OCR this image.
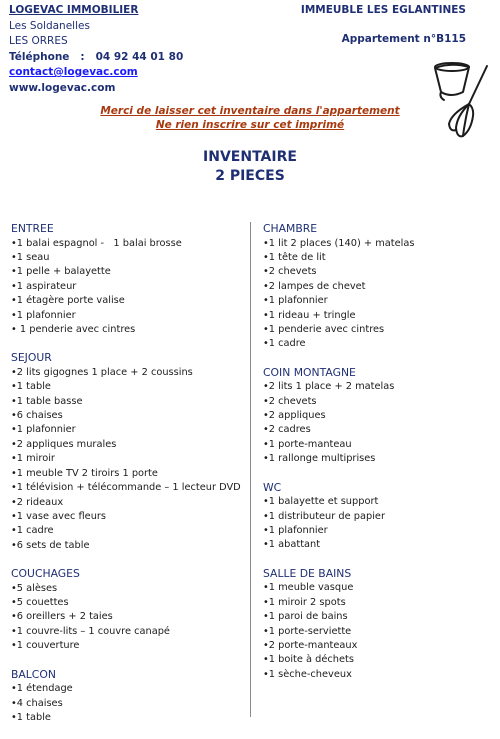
LOGEVAC IMMOBILIER
Les Soldanelles
LES ORRES
Téléphone   :   04 92 44 01 80
contact@logevac.com
www.logevac.com
IMMEUBLE LES EGLANTINES
Appartement n°B115
Merci de laisser cet inventaire dans l'appartement
Ne rien inscrire sur cet imprimé
INVENTAIRE
2 PIECES
ENTREE
•1 balai espagnol -   1 balai brosse
•1 seau
•1 pelle + balayette
•1 aspirateur
•1 étagère porte valise
•1 plafonnier
• 1 penderie avec cintres
SEJOUR
•2 lits gigognes 1 place + 2 coussins
•1 table
•1 table basse
•6 chaises
•1 plafonnier
•2 appliques murales
•1 miroir
•1 meuble TV 2 tiroirs 1 porte
•1 télévision + télécommande – 1 lecteur DVD
•2 rideaux
•1 vase avec fleurs
•1 cadre
•6 sets de table
COUCHAGES
•5 alèses
•5 couettes
•6 oreillers + 2 taies
•1 couvre-lits – 1 couvre canapé
•1 couverture
BALCON
•1 étendage
•4 chaises
•1 table
CHAMBRE
•1 lit 2 places (140) + matelas
•1 tête de lit
•2 chevets
•2 lampes de chevet
•1 plafonnier
•1 rideau + tringle
•1 penderie avec cintres
•1 cadre
COIN MONTAGNE
•2 lits 1 place + 2 matelas
•2 chevets
•2 appliques
•2 cadres
•1 porte-manteau
•1 rallonge multiprises
WC
•1 balayette et support
•1 distributeur de papier
•1 plafonnier
•1 abattant
SALLE DE BAINS
•1 meuble vasque
•1 miroir 2 spots
•1 paroi de bains
•1 porte-serviette
•2 porte-manteaux
•1 boite à déchets
•1 sèche-cheveux
